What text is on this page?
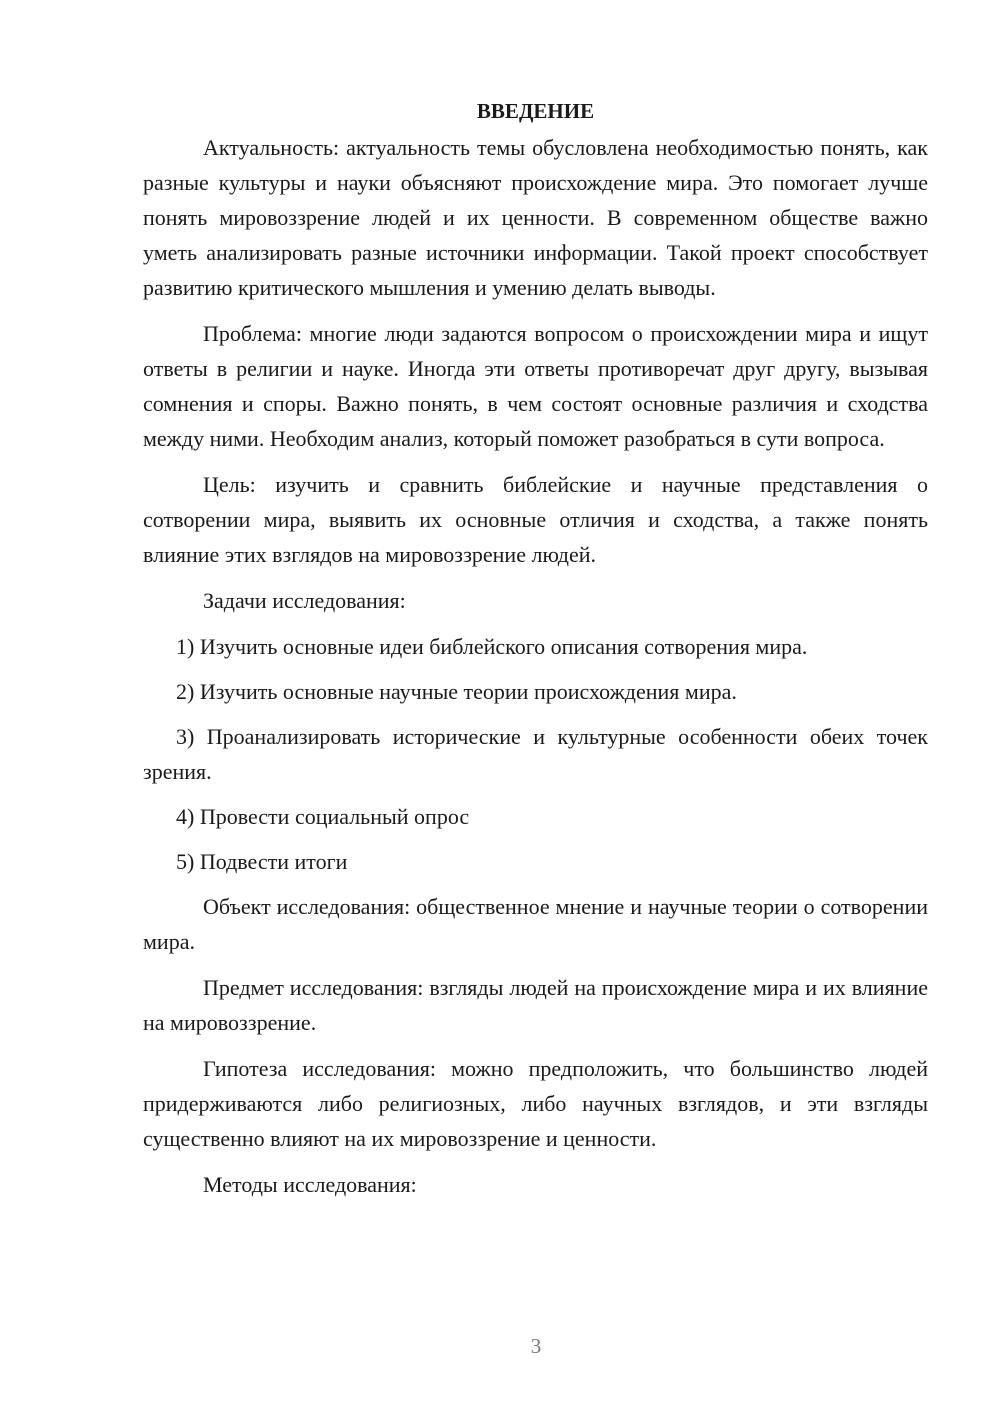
ВВЕДЕНИЕ

Актуальность: актуальность темы обусловлена необходимостью понять, как разные культуры и науки объясняют происхождение мира. Это помогает лучше понять мировоззрение людей и их ценности. В современном обществе важно уметь анализировать разные источники информации. Такой проект способствует развитию критического мышления и умению делать выводы.

Проблема: многие люди задаются вопросом о происхождении мира и ищут ответы в религии и науке. Иногда эти ответы противоречат друг другу, вызывая сомнения и споры. Важно понять, в чем состоят основные различия и сходства между ними. Необходим анализ, который поможет разобраться в сути вопроса.

Цель: изучить и сравнить библейские и научные представления о сотворении мира, выявить их основные отличия и сходства, а также понять влияние этих взглядов на мировоззрение людей.

Задачи исследования:

1) Изучить основные идеи библейского описания сотворения мира.

2) Изучить основные научные теории происхождения мира.

3) Проанализировать исторические и культурные особенности обеих точек зрения.

4) Провести социальный опрос

5) Подвести итоги

Объект исследования: общественное мнение и научные теории о сотворении мира.

Предмет исследования: взгляды людей на происхождение мира и их влияние на мировоззрение.

Гипотеза исследования: можно предположить, что большинство людей придерживаются либо религиозных, либо научных взглядов, и эти взгляды существенно влияют на их мировоззрение и ценности.

Методы исследования:

3
